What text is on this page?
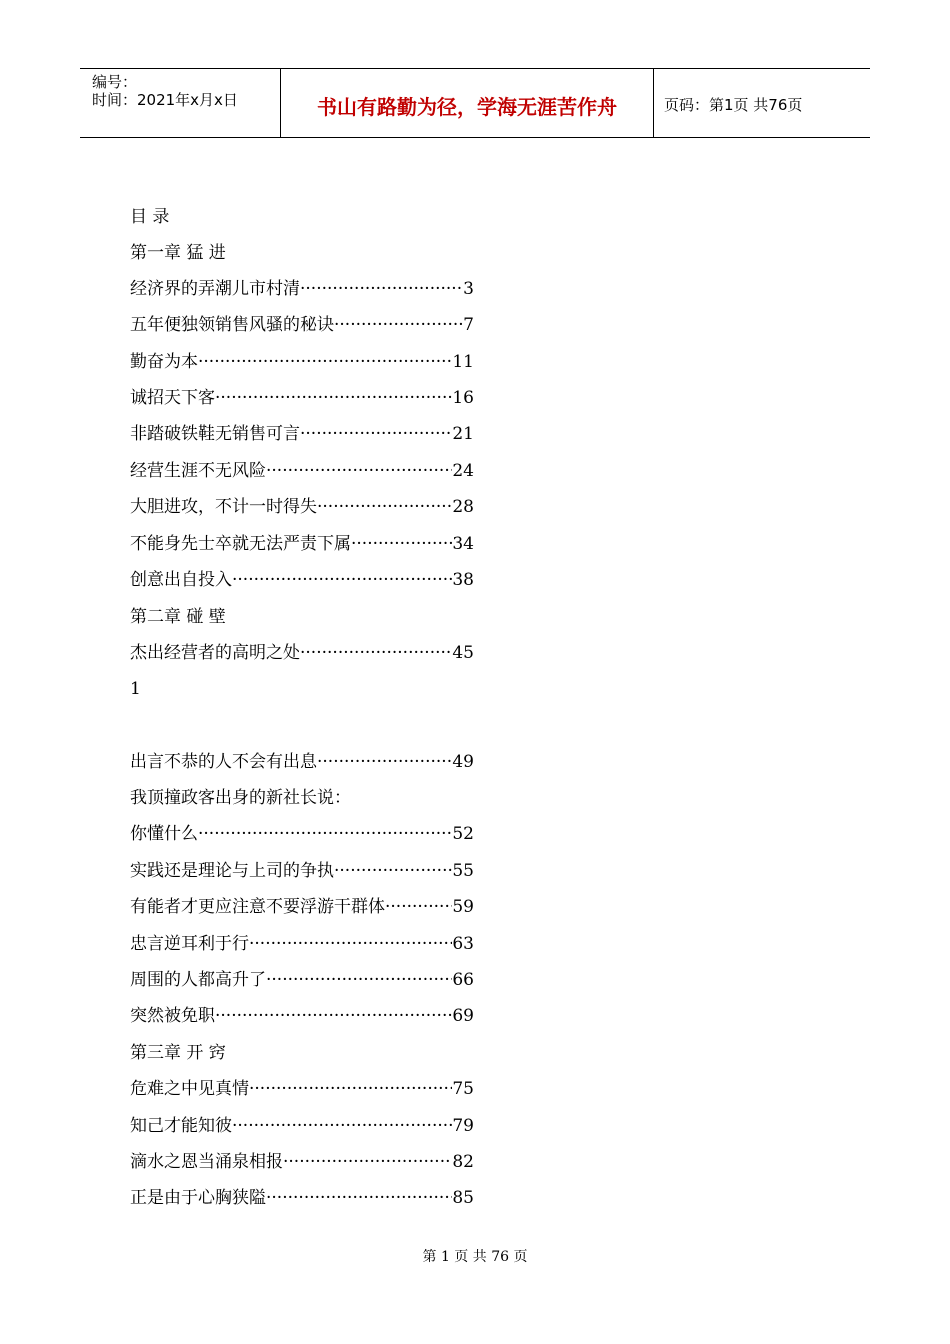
编号：
时间：2021年x月x日	书山有路勤为径，学海无涯苦作舟	页码：第1页 共76页
目 录
第一章 猛 进
经济界的弄潮儿市村清 ·····	3
五年便独领销售风骚的秘诀 ·····	7
勤奋为本 ·····	11
诚招天下客 ·····	16
非踏破铁鞋无销售可言 ·····	21
经营生涯不无风险 ·····	24
大胆进攻，不计一时得失 ·····	28
不能身先士卒就无法严责下属 ·····	34
创意出自投入 ·····	38
第二章 碰 壁
杰出经营者的高明之处 ·····	45
1
出言不恭的人不会有出息 ·····	49
我顶撞政客出身的新社长说：
你懂什么 ·····	52
实践还是理论与上司的争执 ·····	55
有能者才更应注意不要浮游干群体 ·····	59
忠言逆耳利于行 ·····	63
周围的人都高升了 ·····	66
突然被免职 ·····	69
第三章 开 窍
危难之中见真情 ·····	75
知己才能知彼 ·····	79
滴水之恩当涌泉相报 ·····	82
正是由于心胸狭隘 ·····	85
第 1 页 共 76 页
